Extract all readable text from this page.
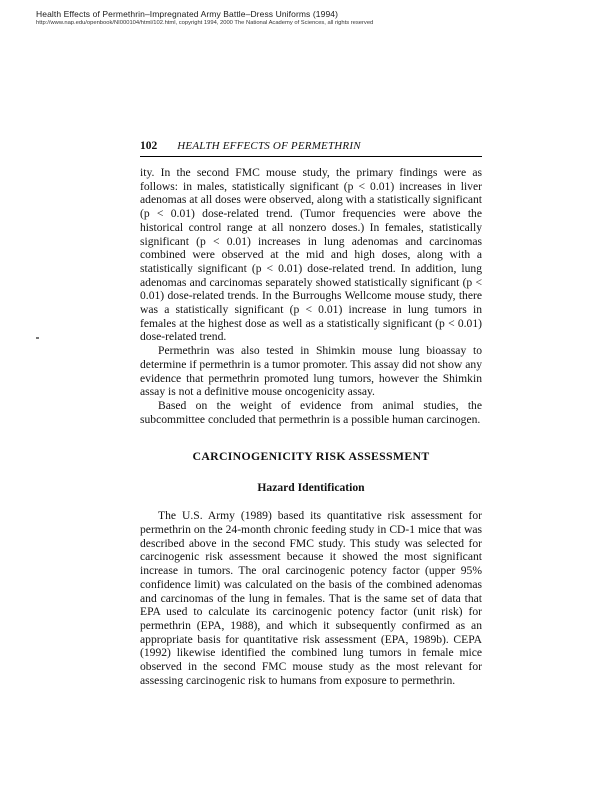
Health Effects of Permethrin–Impregnated Army Battle–Dress Uniforms (1994)
http://www.nap.edu/openbook/NI000104/html/102.html, copyright 1994, 2000 The National Academy of Sciences, all rights reserved
102 HEALTH EFFECTS OF PERMETHRIN

ity. In the second FMC mouse study, the primary findings were as follows: in males, statistically significant (p < 0.01) increases in liver adenomas at all doses were observed, along with a statistically significant (p < 0.01) dose-related trend. (Tumor frequencies were above the historical control range at all nonzero doses.) In females, statistically significant (p < 0.01) increases in lung adenomas and carcinomas combined were observed at the mid and high doses, along with a statistically significant (p < 0.01) dose-related trend. In addition, lung adenomas and carcinomas separately showed statistically significant (p < 0.01) dose-related trends. In the Burroughs Wellcome mouse study, there was a statistically significant (p < 0.01) increase in lung tumors in females at the highest dose as well as a statistically significant (p < 0.01) dose-related trend.

Permethrin was also tested in Shimkin mouse lung bioassay to determine if permethrin is a tumor promoter. This assay did not show any evidence that permethrin promoted lung tumors, however the Shimkin assay is not a definitive mouse oncogenicity assay.

Based on the weight of evidence from animal studies, the subcommittee concluded that permethrin is a possible human carcinogen.

CARCINOGENICITY RISK ASSESSMENT
Hazard Identification

The U.S. Army (1989) based its quantitative risk assessment for permethrin on the 24-month chronic feeding study in CD-1 mice that was described above in the second FMC study. This study was selected for carcinogenic risk assessment because it showed the most significant increase in tumors. The oral carcinogenic potency factor (upper 95% confidence limit) was calculated on the basis of the combined adenomas and carcinomas of the lung in females. That is the same set of data that EPA used to calculate its carcinogenic potency factor (unit risk) for permethrin (EPA, 1988), and which it subsequently confirmed as an appropriate basis for quantitative risk assessment (EPA, 1989b). CEPA (1992) likewise identified the combined lung tumors in female mice observed in the second FMC mouse study as the most relevant for assessing carcinogenic risk to humans from exposure to permethrin.
